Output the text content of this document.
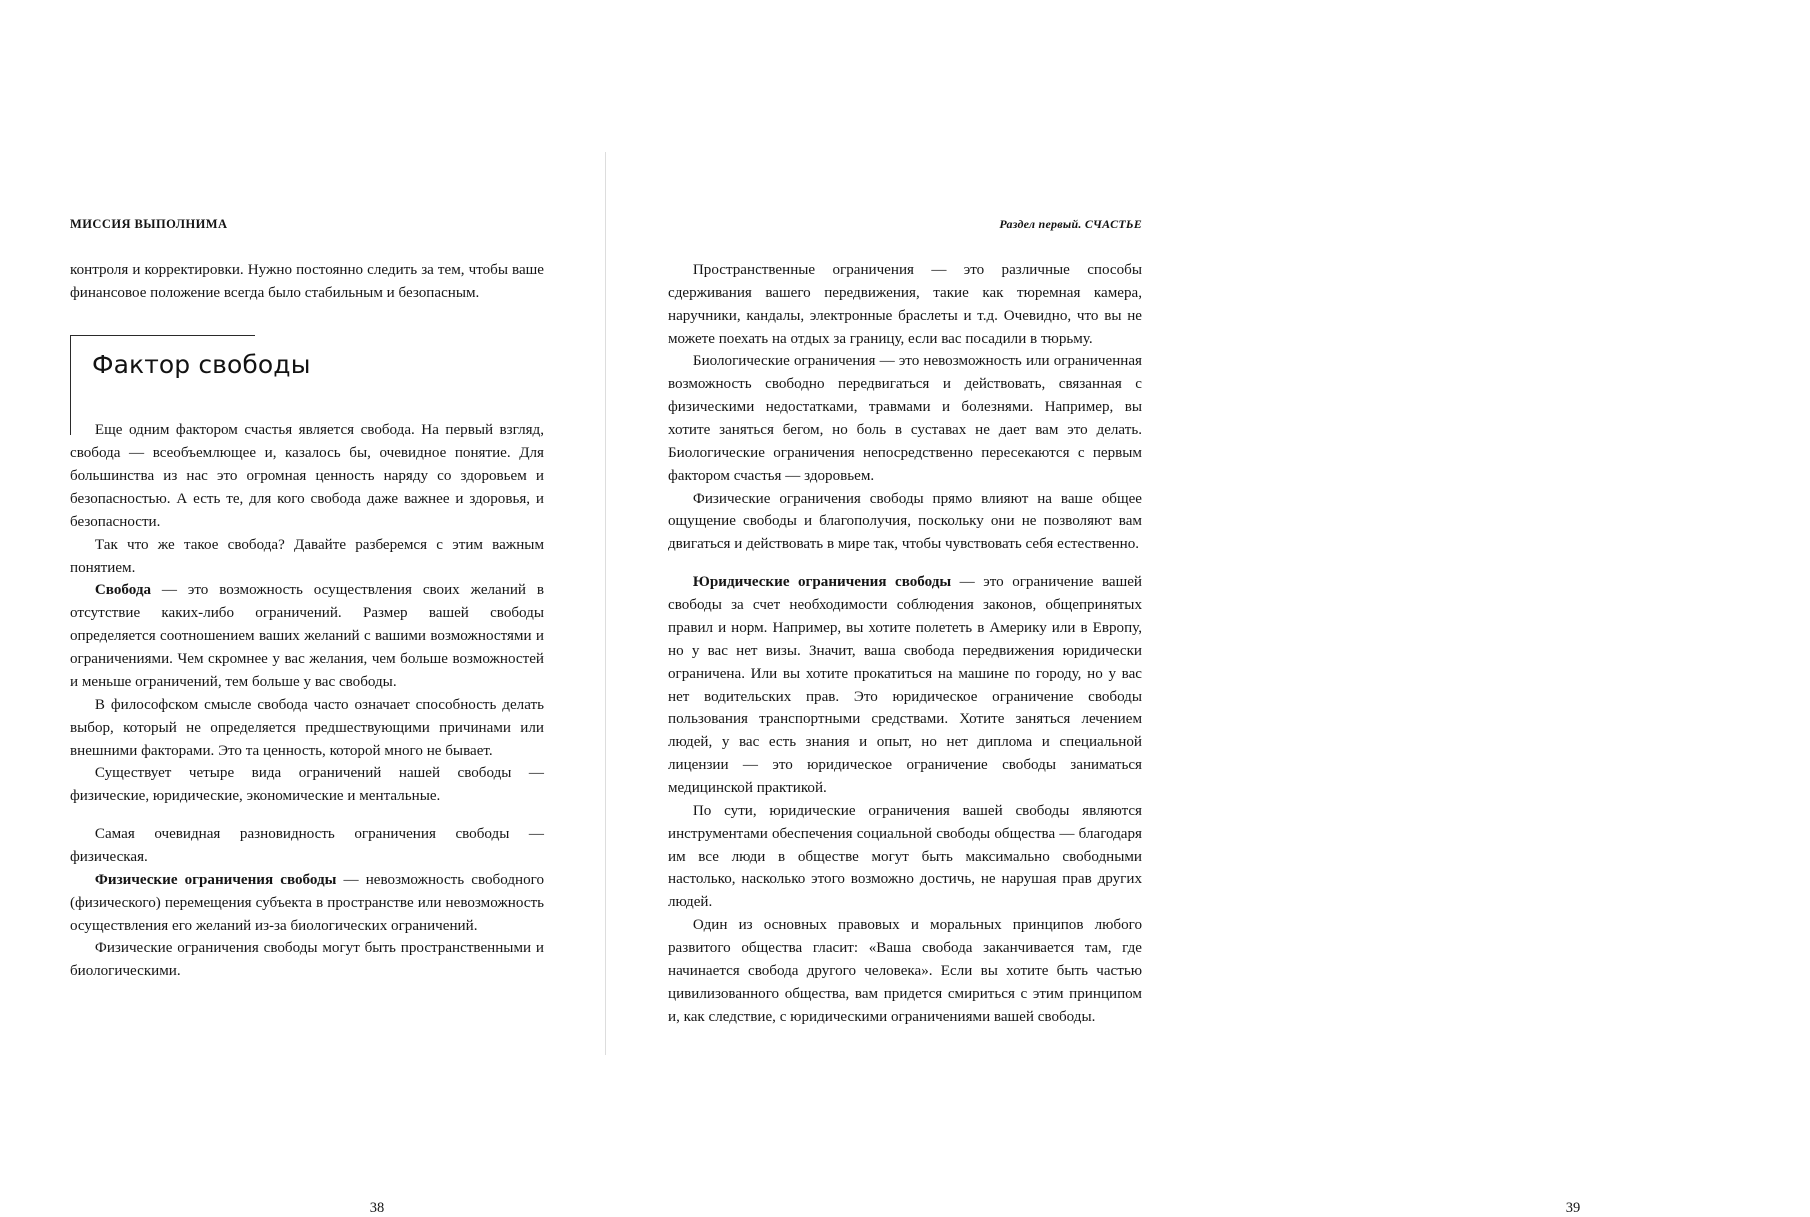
МИССИЯ ВЫПОЛНИМА

контроля и корректировки. Нужно постоянно следить за тем, чтобы ваше финансовое положение всегда было стабильным и безопасным.

Фактор свободы

Еще одним фактором счастья является свобода. На первый взгляд, свобода — всеобъемлющее и, казалось бы, очевидное понятие. Для большинства из нас это огромная ценность наряду со здоровьем и безопасностью. А есть те, для кого свобода даже важнее и здоровья, и безопасности.

Так что же такое свобода? Давайте разберемся с этим важным понятием.

Свобода — это возможность осуществления своих желаний в отсутствие каких-либо ограничений. Размер вашей свободы определяется соотношением ваших желаний с вашими возможностями и ограничениями. Чем скромнее у вас желания, чем больше возможностей и меньше ограничений, тем больше у вас свободы.

В философском смысле свобода часто означает способность делать выбор, который не определяется предшествующими причинами или внешними факторами. Это та ценность, которой много не бывает.

Существует четыре вида ограничений нашей свободы — физические, юридические, экономические и ментальные.

Самая очевидная разновидность ограничения свободы — физическая.

Физические ограничения свободы — невозможность свободного (физического) перемещения субъекта в пространстве или невозможность осуществления его желаний из-за биологических ограничений.

Физические ограничения свободы могут быть пространственными и биологическими.

38
Раздел первый. СЧАСТЬЕ

Пространственные ограничения — это различные способы сдерживания вашего передвижения, такие как тюремная камера, наручники, кандалы, электронные браслеты и т.д. Очевидно, что вы не можете поехать на отдых за границу, если вас посадили в тюрьму.

Биологические ограничения — это невозможность или ограниченная возможность свободно передвигаться и действовать, связанная с физическими недостатками, травмами и болезнями. Например, вы хотите заняться бегом, но боль в суставах не дает вам это делать. Биологические ограничения непосредственно пересекаются с первым фактором счастья — здоровьем.

Физические ограничения свободы прямо влияют на ваше общее ощущение свободы и благополучия, поскольку они не позволяют вам двигаться и действовать в мире так, чтобы чувствовать себя естественно.

Юридические ограничения свободы — это ограничение вашей свободы за счет необходимости соблюдения законов, общепринятых правил и норм. Например, вы хотите полететь в Америку или в Европу, но у вас нет визы. Значит, ваша свобода передвижения юридически ограничена. Или вы хотите прокатиться на машине по городу, но у вас нет водительских прав. Это юридическое ограничение свободы пользования транспортными средствами. Хотите заняться лечением людей, у вас есть знания и опыт, но нет диплома и специальной лицензии — это юридическое ограничение свободы заниматься медицинской практикой.

По сути, юридические ограничения вашей свободы являются инструментами обеспечения социальной свободы общества — благодаря им все люди в обществе могут быть максимально свободными настолько, насколько этого возможно достичь, не нарушая прав других людей.

Один из основных правовых и моральных принципов любого развитого общества гласит: «Ваша свобода заканчивается там, где начинается свобода другого человека». Если вы хотите быть частью цивилизованного общества, вам придется смириться с этим принципом и, как следствие, с юридическими ограничениями вашей свободы.

39
